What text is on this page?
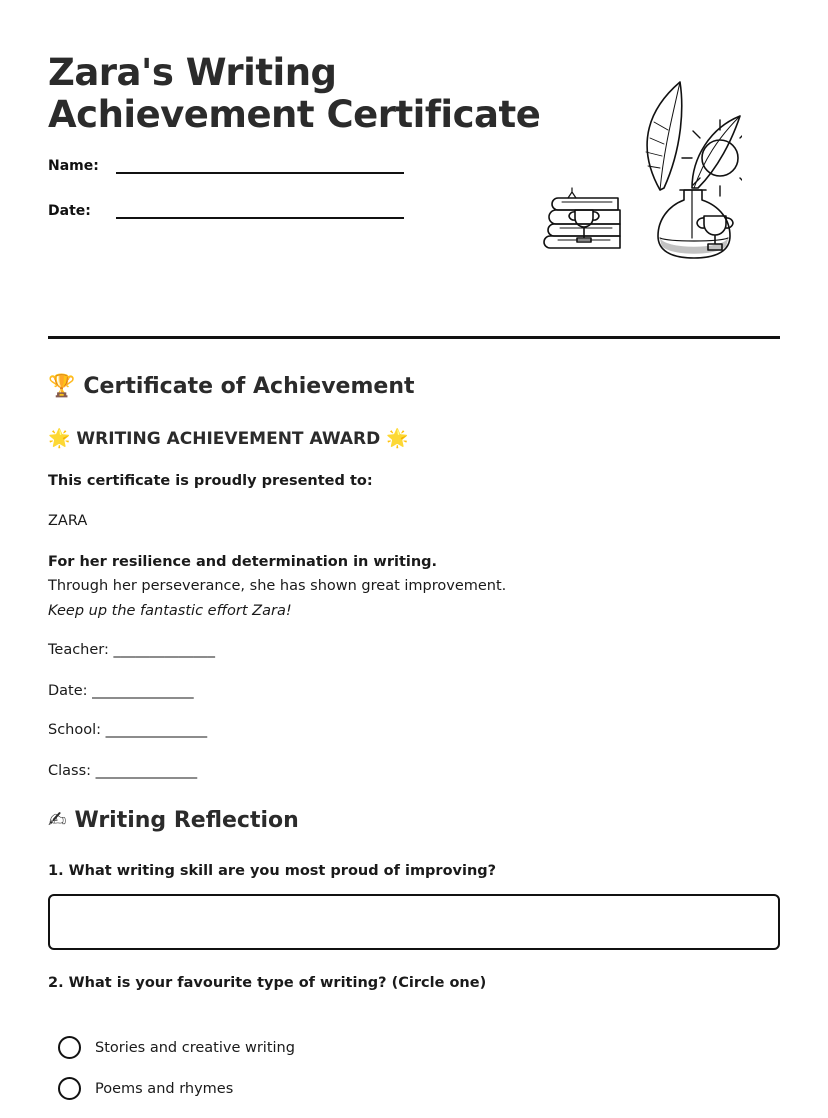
Zara's Writing
Achievement Certificate
Name:
Date:
🏆 Certificate of Achievement
🌟 WRITING ACHIEVEMENT AWARD 🌟
This certificate is proudly presented to:
ZARA
For her resilience and determination in writing.
Through her perseverance, she has shown great improvement.
Keep up the fantastic effort Zara!
Teacher: ______________
Date: ______________
School: ______________
Class: ______________
✍ Writing Reflection
1. What writing skill are you most proud of improving?
2. What is your favourite type of writing? (Circle one)
Stories and creative writing
Poems and rhymes
